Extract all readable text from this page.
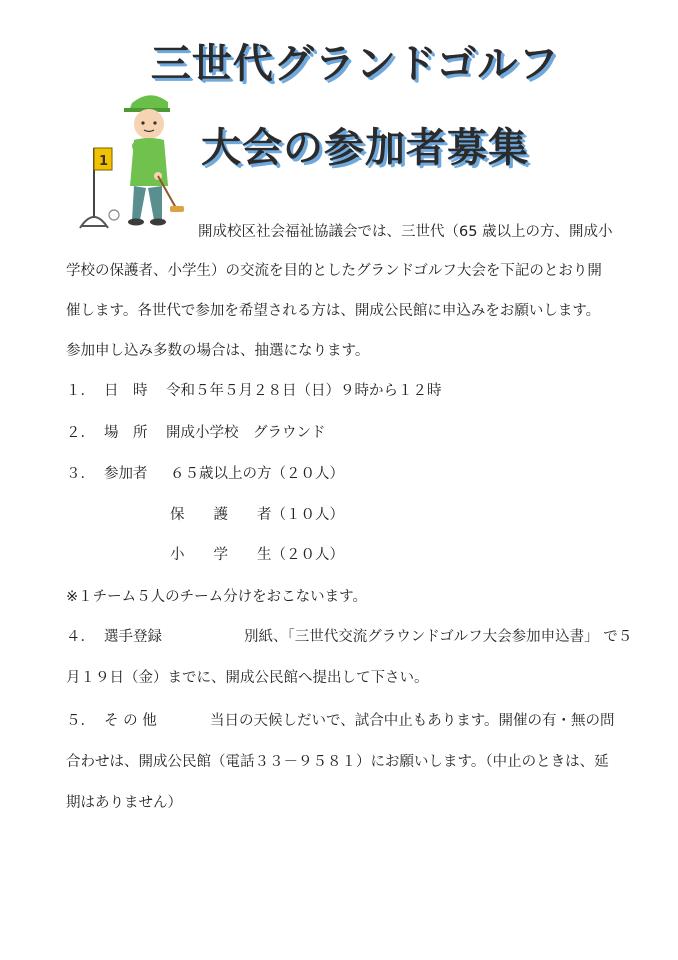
三世代グランドゴルフ
大会の参加者募集
1
開成校区社会福祉協議会では、三世代（65 歳以上の方、開成小
学校の保護者、小学生）の交流を目的としたグランドゴルフ大会を下記のとおり開
催します。各世代で参加を希望される方は、開成公民館に申込みをお願いします。
参加申し込み多数の場合は、抽選になります。
１． 日　時 令和５年５月２８日（日）９時から１２時
２． 場　所 開成小学校　グラウンド
３． 参加者 ６５歳以上の方（２０人）
保　　護　　者（１０人）
小　　学　　生（２０人）
※１チーム５人のチーム分けをおこないます。
４． 選手登録	別紙、「三世代交流グラウンドゴルフ大会参加申込書」 で５
月１９日（金）までに、開成公民館へ提出して下さい。
５． そ の 他	当日の天候しだいで、試合中止もあります。開催の有・無の問
合わせは、開成公民館（電話３３－９５８１）にお願いします。（中止のときは、延
期はありません）
